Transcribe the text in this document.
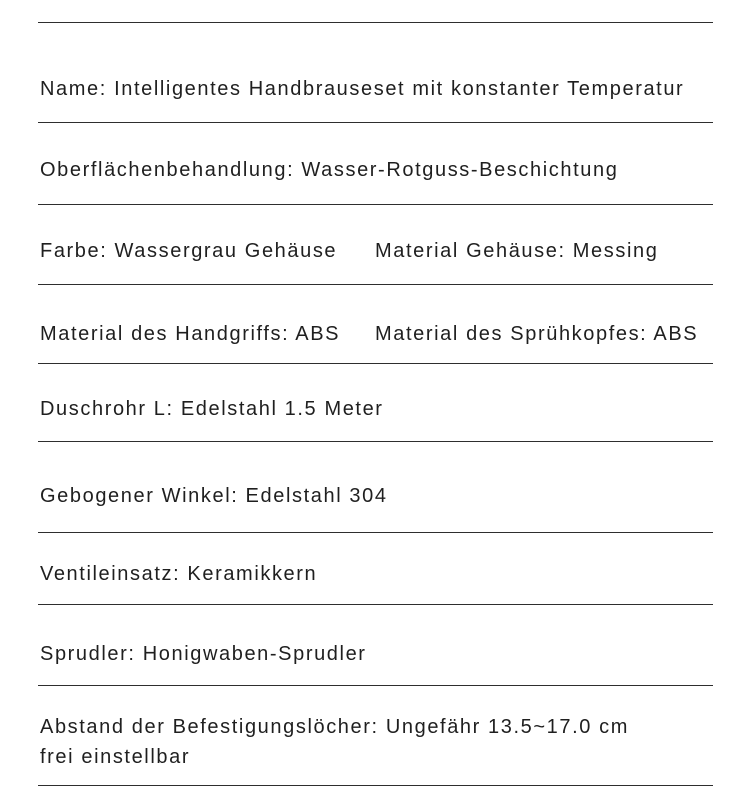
Name: Intelligentes Handbrauseset mit konstanter Temperatur
Oberflächenbehandlung: Wasser-Rotguss-Beschichtung
Farbe: Wassergrau Gehäuse	Material Gehäuse: Messing
Material des Handgriffs: ABS	Material des Sprühkopfes: ABS
Duschrohr L: Edelstahl 1.5 Meter
Gebogener Winkel: Edelstahl 304
Ventileinsatz: Keramikkern
Sprudler: Honigwaben-Sprudler
Abstand der Befestigungslöcher: Ungefähr 13.5~17.0 cm
frei einstellbar
